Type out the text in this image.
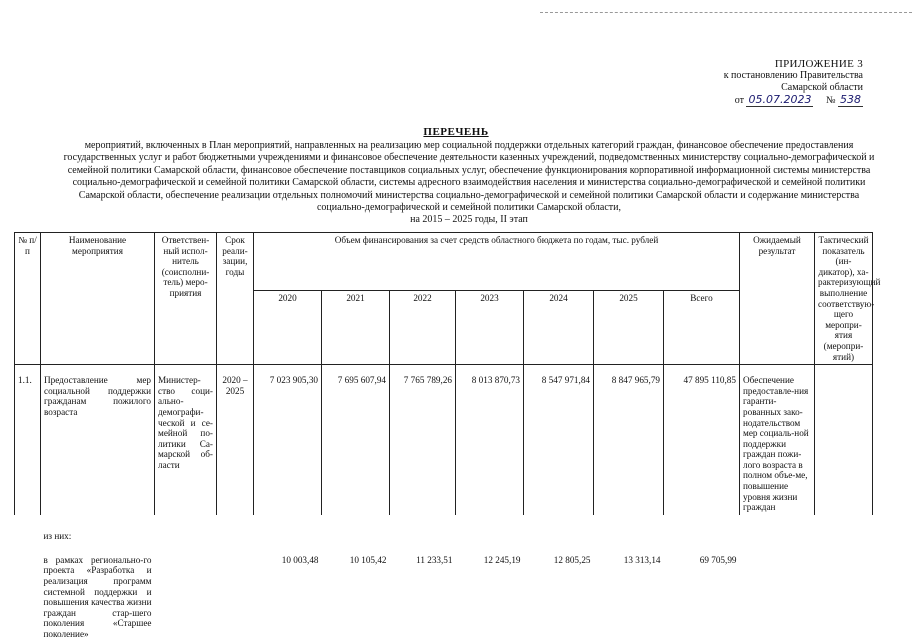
ПРИЛОЖЕНИЕ 3
к постановлению Правительства
Самарской области
от 05.07.2023 № 538
ПЕРЕЧЕНЬ
мероприятий, включенных в План мероприятий, направленных на реализацию мер социальной поддержки отдельных категорий граждан, финансовое обеспечение предоставления государственных услуг и работ бюджетными учреждениями и финансовое обеспечение деятельности казенных учреждений, подведомственных министерству социально-демографической и семейной политики Самарской области, финансовое обеспечение поставщиков социальных услуг, обеспечение функционирования корпоративной информационной системы министерства социально-демографической и семейной политики Самарской области, системы адресного взаимодействия населения и министерства социально-демографической и семейной политики Самарской области, обеспечение реализации отдельных полномочий министерства социально-демографической и семейной политики Самарской области и содержание министерства социально-демографической и семейной политики Самарской области,
на 2015 – 2025 годы, II этап
№ п/п	Наименование мероприятия	Ответствен-ный испол-нитель (соисполни-тель) меро-приятия	Срок реали-зации, годы	Объем финансирования за счет средств областного бюджета по годам, тыс. рублей							Ожидаемый результат	Тактический показатель (ин-дикатор), ха-рактеризующий выполнение соответствую-щего меропри-ятия (меропри-ятий)
				2020	2021	2022	2023	2024	2025	Всего		
1.1.	Предоставление мер социальной поддержки гражданам пожилого возраста	Министер-ство соци-ально-демографи-ческой и се-мейной по-литики Са-марской об-ласти	2020 – 2025	7 023 905,30	7 695 607,94	7 765 789,26	8 013 870,73	8 547 971,84	8 847 965,79	47 895 110,85	Обеспечение предоставле-ния гаранти-рованных зако-нодательством мер социаль-ной поддержки граждан пожи-лого возраста в полном объе-ме, повышение уровня жизни граждан	
	из них:											
	в рамках регионально-го проекта «Разработка и реализация программ системной поддержки и повышения качества жизни граждан стар-шего поколения «Старшее поколение»			10 003,48	10 105,42	11 233,51	12 245,19	12 805,25	13 313,14	69 705,99		
